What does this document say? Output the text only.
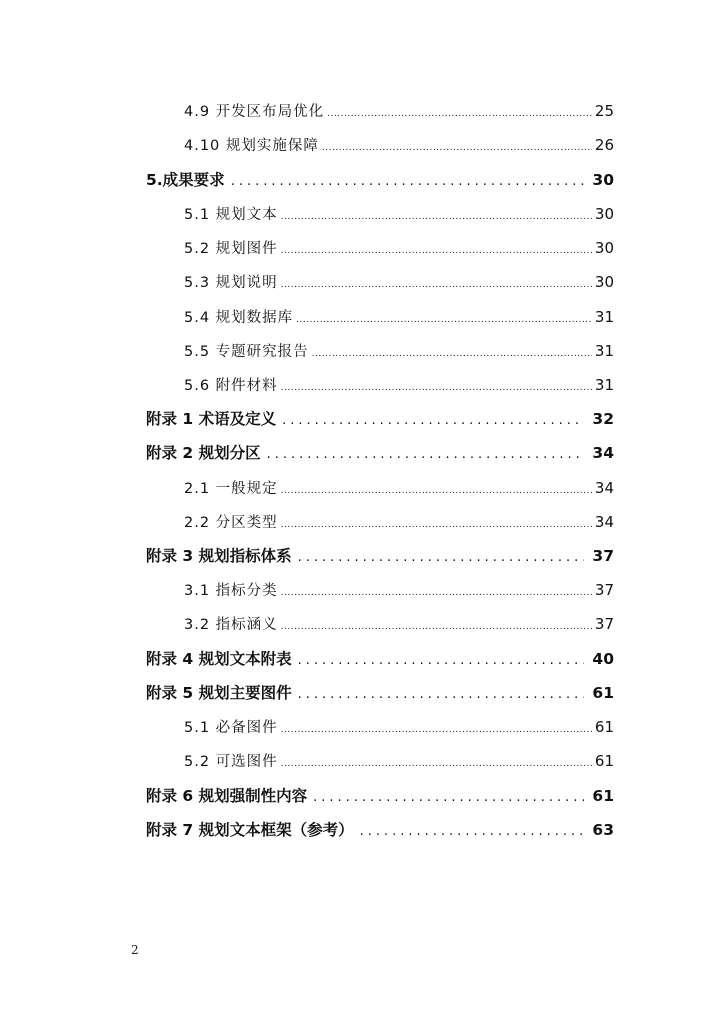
4.9 开发区布局优化 .....	25
4.10 规划实施保障 .....	26
5.成果要求 .....	30
5.1 规划文本 .....	30
5.2 规划图件 .....	30
5.3 规划说明 .....	30
5.4 规划数据库 .....	31
5.5 专题研究报告 .....	31
5.6 附件材料 .....	31
附录 1 术语及定义 .....	32
附录 2 规划分区 .....	34
2.1 一般规定 .....	34
2.2 分区类型 .....	34
附录 3 规划指标体系 .....	37
3.1 指标分类 .....	37
3.2 指标涵义 .....	37
附录 4 规划文本附表 .....	40
附录 5 规划主要图件 .....	61
5.1 必备图件 .....	61
5.2 可选图件 .....	61
附录 6 规划强制性内容 .....	61
附录 7 规划文本框架（参考） .....	63
2
